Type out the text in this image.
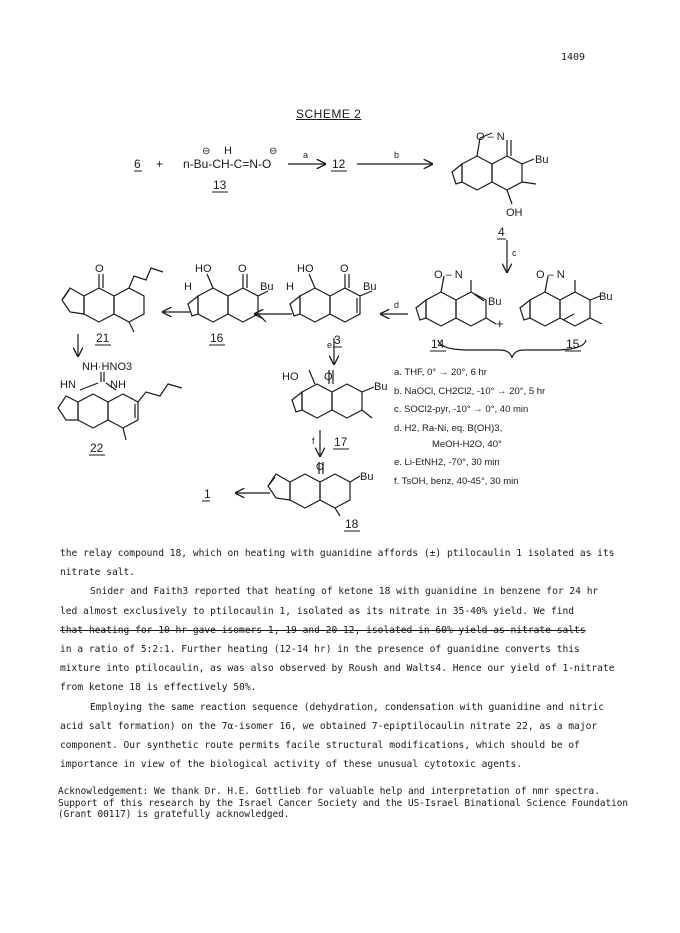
1409
SCHEME 2
6 + n-Bu-CH-C=N-O
⊖ H	⊖
13
a
12
b
O – N
Bu
OH
4
c
O – N
Bu
+
O – N
Bu
14	15
d
HO O
H	Bu
e 3
HO O
H	Bu
16
O
21
NH·HNO3
HN	NH
22
HO O
Bu
f 17
O
Bu
18
1
a. THF, 0° → 20°, 6 hr
b. NaOCl, CH2Cl2, -10° → 20°, 5 hr
c. SOCl2-pyr, -10° → 0°, 40 min
d. H2, Ra-Ni, eq. B(OH)3,
MeOH-H2O, 40°
e. Li-EtNH2, -70°, 30 min
f. TsOH, benz, 40-45°, 30 min

the relay compound 18, which on heating with guanidine affords (±) ptilocaulin 1 isolated as its nitrate salt.

Snider and Faith3 reported that heating of ketone 18 with guanidine in benzene for 24 hr led almost exclusively to ptilocaulin 1, isolated as its nitrate in 35-40% yield. We find

that heating for 10 hr gave isomers 1, 19 and 20 12, isolated in 60% yield as nitrate salts

in a ratio of 5:2:1. Further heating (12-14 hr) in the presence of guanidine converts this mixture into ptilocaulin, as was also observed by Roush and Walts4. Hence our yield of 1-nitrate from ketone 18 is effectively 50%.

Employing the same reaction sequence (dehydration, condensation with guanidine and nitric acid salt formation) on the 7α-isomer 16, we obtained 7-epiptilocaulin nitrate 22, as a major component. Our synthetic route permits facile structural modifications, which should be of importance in view of the biological activity of these unusual cytotoxic agents.

Acknowledgement: We thank Dr. H.E. Gottlieb for valuable help and interpretation of nmr spectra. Support of this research by the Israel Cancer Society and the US-Israel Binational Science Foundation (Grant 00117) is gratefully acknowledged.
